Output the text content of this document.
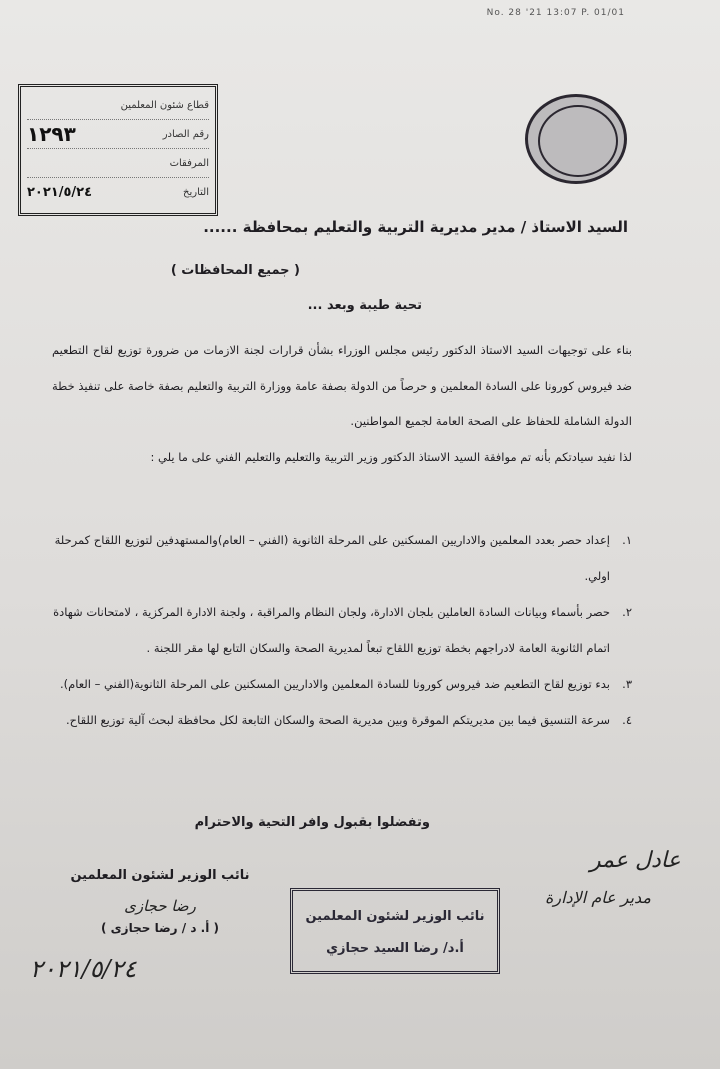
No. 28 '21 13:07 P. 01/01
قطاع شئون المعلمين
رقم الصادر
١٢٩٣
المرفقات
التاريخ
٢٠٢١/٥/٢٤
السيد الاستاذ / مدير مديرية التربية والتعليم بمحافظة ......
( جميع المحافظات )
تحية طيبة وبعد ...
بناء على توجيهات السيد الاستاذ الدكتور رئيس مجلس الوزراء بشأن قرارات لجنة الازمات من ضرورة توزيع لقاح التطعيم ضد فيروس كورونا على السادة المعلمين و حرصاً من الدولة بصفة عامة ووزارة التربية والتعليم بصفة خاصة على تنفيذ خطة الدولة الشاملة للحفاظ على الصحة العامة لجميع المواطنين.
لذا نفيد سيادتكم بأنه تم موافقة السيد الاستاذ الدكتور وزير التربية والتعليم والتعليم الفني على ما يلي :
١.
إعداد حصر بعدد المعلمين والاداريين المسكنين على المرحلة الثانوية (الفني – العام)والمستهدفين لتوزيع اللقاح كمرحلة اولي.
٢.
حصر بأسماء وبيانات السادة العاملين بلجان الادارة، ولجان النظام والمراقبة ، ولجنة الادارة المركزية ، لامتحانات شهادة اتمام الثانوية العامة لادراجهم بخطة توزيع اللقاح تبعاً لمديرية الصحة والسكان التابع لها مقر اللجنة .
٣.
بدء توزيع لقاح التطعيم ضد فيروس كورونا للسادة المعلمين والاداريين المسكنين على المرحلة الثانوية(الفني – العام).
٤.
سرعة التنسيق فيما بين مديريتكم الموقرة وبين مديرية الصحة والسكان التابعة لكل محافظة لبحث آلية توزيع اللقاح.
وتفضلوا بقبول وافر التحية والاحترام
نائب الوزير لشئون المعلمين
رضا حجازى
( أ. د / رضا حجازى )
٢٠٢١/٥/٢٤
نائب الوزير لشئون المعلمين
أ.د/ رضا السيد حجازي
عادل عمر
مدير عام الإدارة
